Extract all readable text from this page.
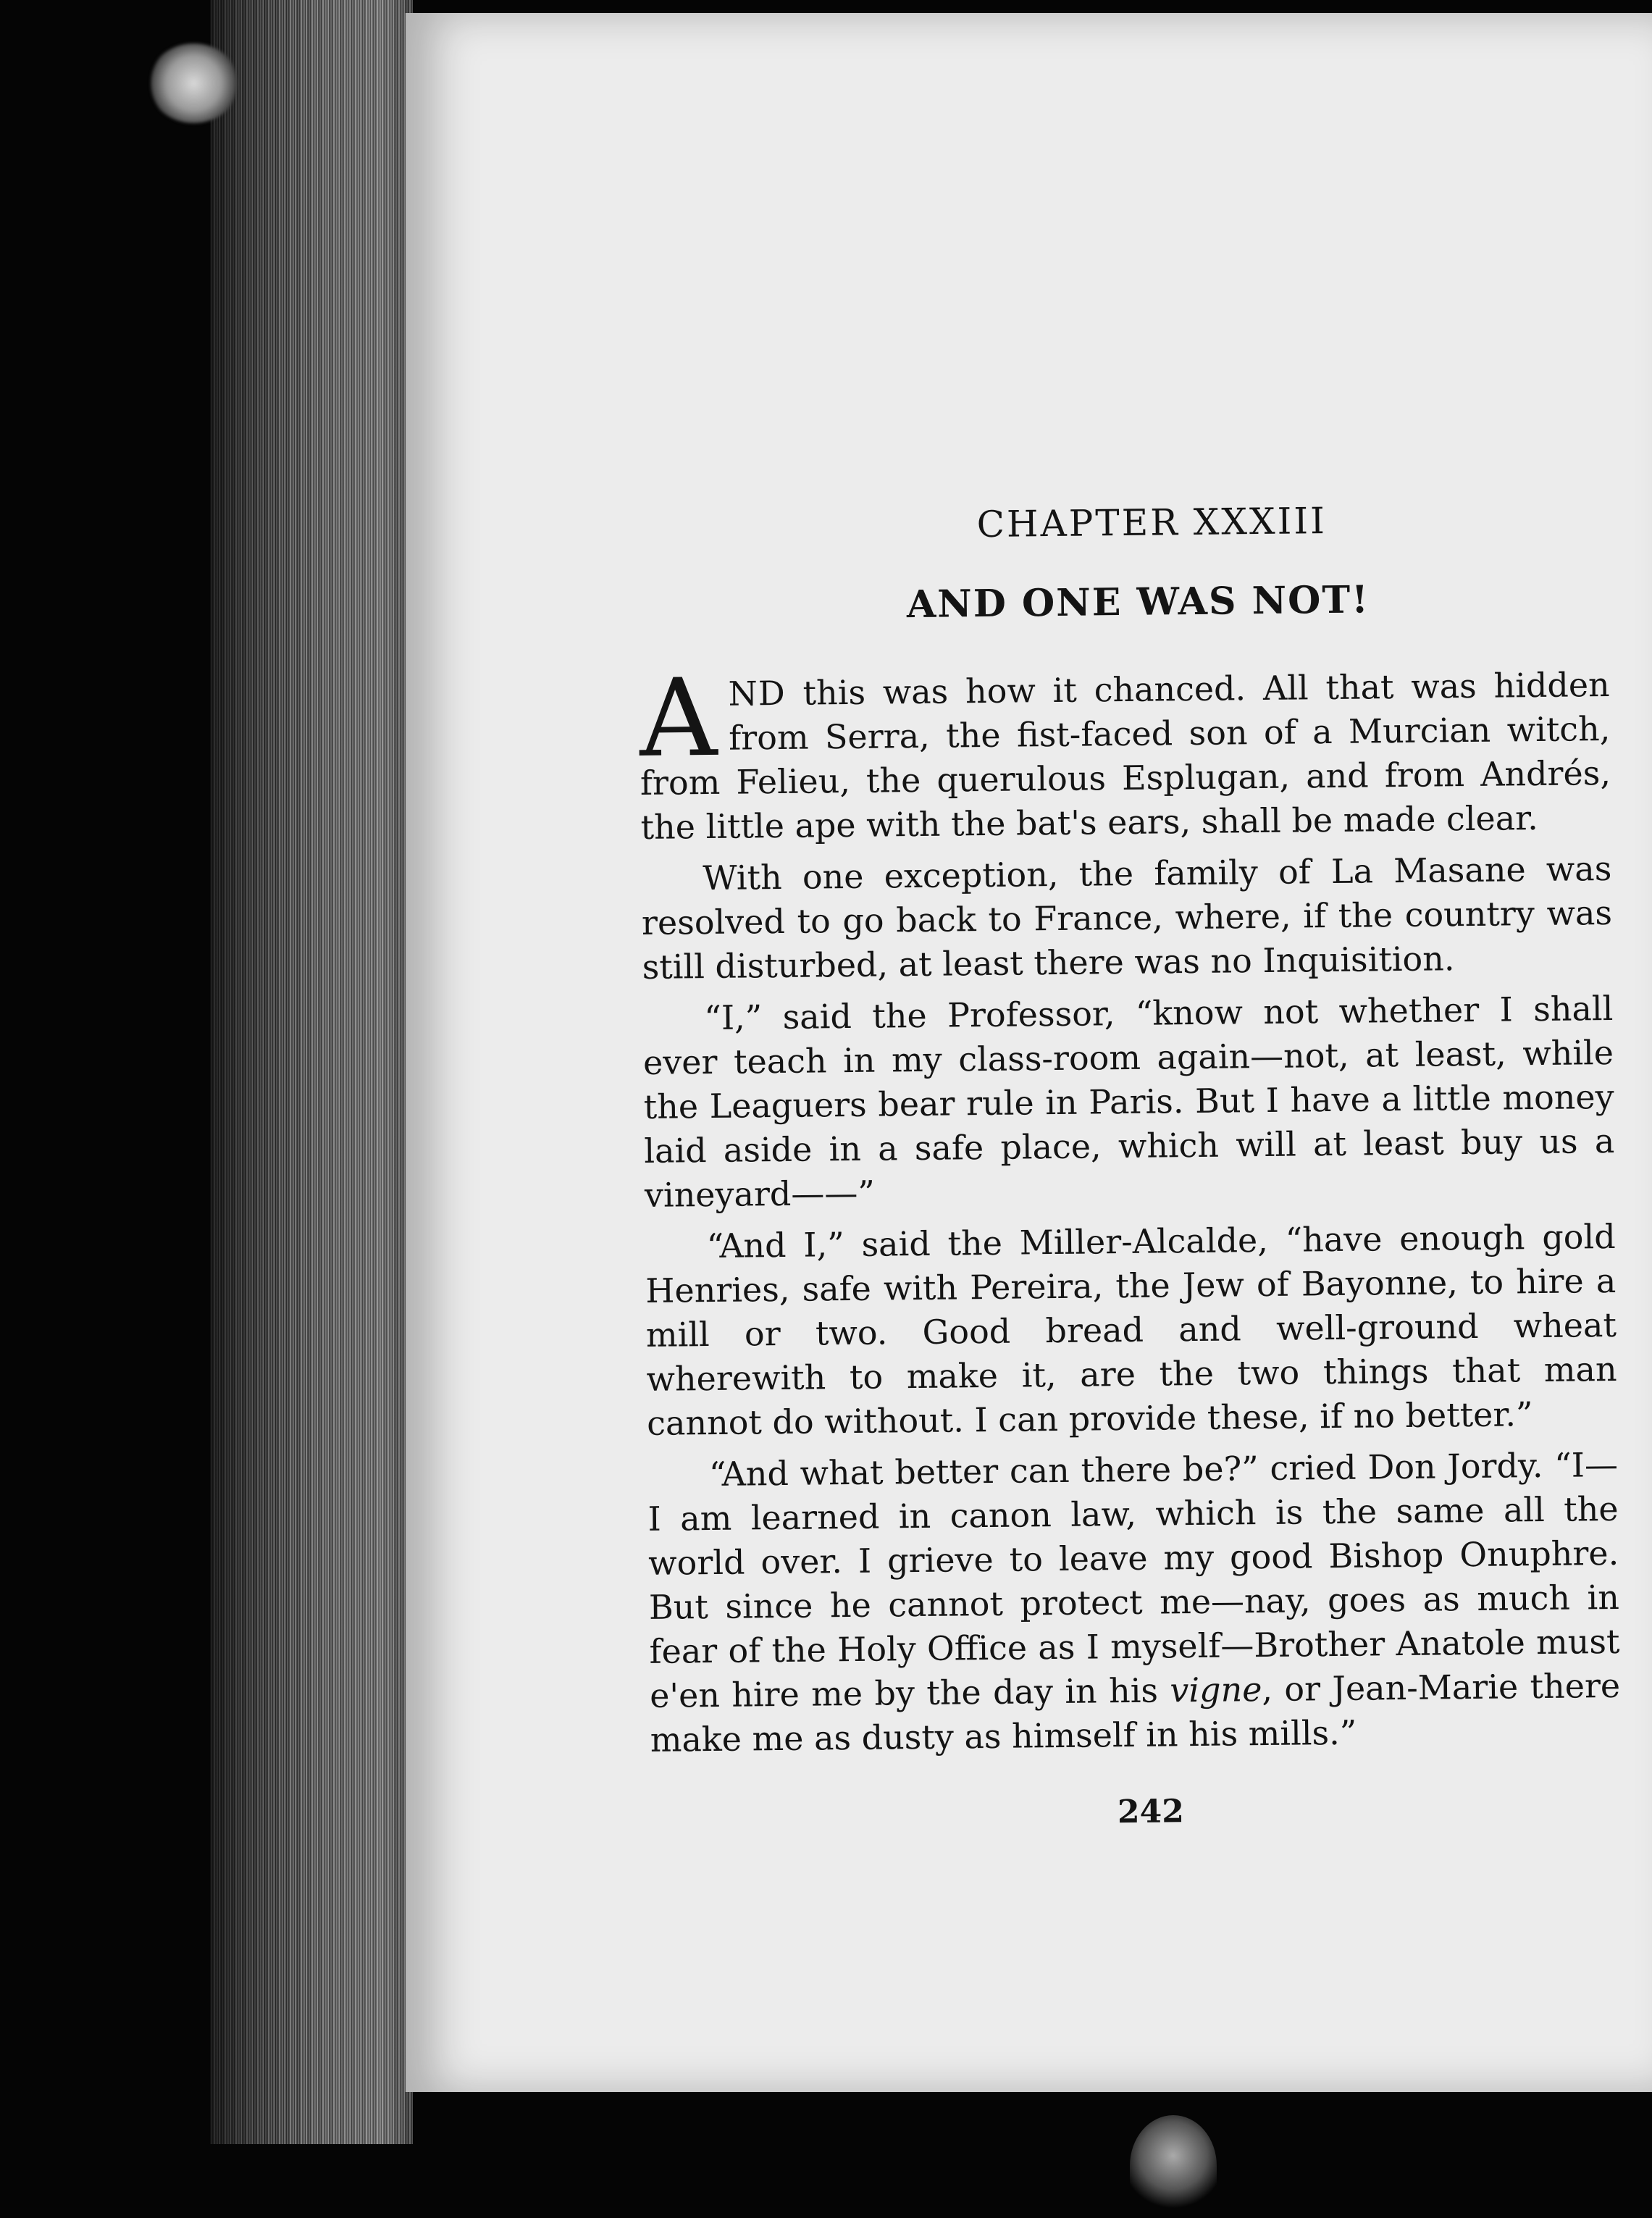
CHAPTER XXXIII
AND ONE WAS NOT!

AND this was how it chanced. All that was hidden from Serra, the fist-faced son of a Murcian witch, from Felieu, the querulous Esplugan, and from Andrés, the little ape with the bat's ears, shall be made clear.

With one exception, the family of La Masane was resolved to go back to France, where, if the country was still disturbed, at least there was no Inquisition.

“I,” said the Professor, “know not whether I shall ever teach in my class-room again—not, at least, while the Leaguers bear rule in Paris. But I have a little money laid aside in a safe place, which will at least buy us a vineyard——”

“And I,” said the Miller-Alcalde, “have enough gold Henries, safe with Pereira, the Jew of Bayonne, to hire a mill or two. Good bread and well-ground wheat wherewith to make it, are the two things that man cannot do without. I can provide these, if no better.”

“And what better can there be?” cried Don Jordy. “I—I am learned in canon law, which is the same all the world over. I grieve to leave my good Bishop Onuphre. But since he cannot protect me—nay, goes as much in fear of the Holy Office as I myself—Brother Anatole must e'en hire me by the day in his vigne, or Jean-Marie there make me as dusty as himself in his mills.”

242
